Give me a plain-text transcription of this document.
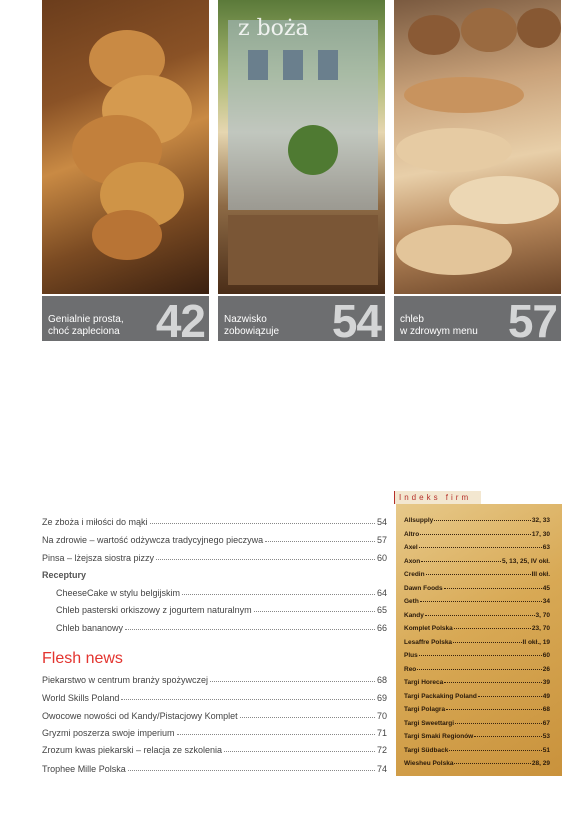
z boża
Genialnie prosta,
choć zapleciona 42 Nazwisko
zobowiązuje	54 chleb
w zdrowym menu 57
Ze zboża i miłości do mąki	54
Na zdrowie – wartość odżywcza tradycyjnego pieczywa	57
Pinsa – lżejsza siostra pizzy	60
Receptury
CheeseCake w stylu belgijskim	64
Chleb pasterski orkiszowy z jogurtem naturalnym	65
Chleb bananowy	66
Flesh news
Piekarstwo w centrum branży spożywczej	68
World Skills Poland	69
Owocowe nowości od Kandy/Pistacjowy Komplet	70
Gryzmi poszerza swoje imperium	71
Zrozum kwas piekarski – relacja ze szkolenia	72
Trophee Mille Polska	74
Indeks firm
Allsupply	32, 33
Altro	17, 30
Axel	63
Axon	5, 13, 25, IV okł.
Credin	III okł.
Dawn Foods	45
Geth	34
Kandy	3, 70
Komplet Polska	23, 70
Lesaffre Polska	II okł., 19
Plus	60
Reo	26
Targi Horeca	39
Targi Packaking Poland	49
Targi Polagra	68
Targi Sweettargi	67
Targi Smaki Regionów	53
Targi Südback	51
Wiesheu Polska	28, 29
